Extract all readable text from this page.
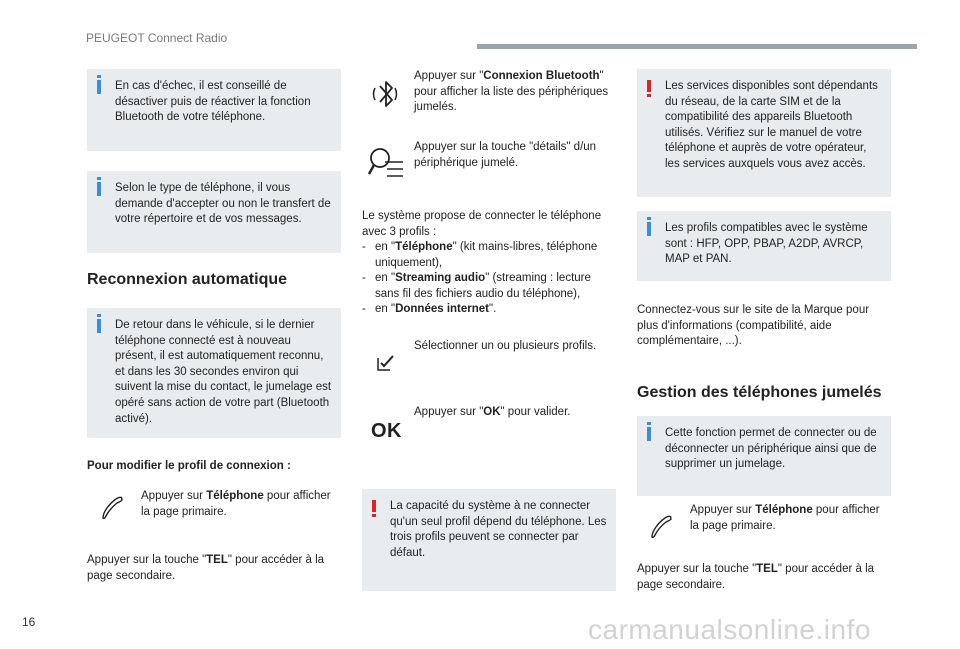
PEUGEOT Connect Radio
En cas d'échec, il est conseillé de désactiver puis de réactiver la fonction Bluetooth de votre téléphone.
Selon le type de téléphone, il vous demande d'accepter ou non le transfert de votre répertoire et de vos messages.
Reconnexion automatique
De retour dans le véhicule, si le dernier téléphone connecté est à nouveau présent, il est automatiquement reconnu, et dans les 30 secondes environ qui suivent la mise du contact, le jumelage est opéré sans action de votre part (Bluetooth activé).
Pour modifier le profil de connexion :
Appuyer sur Téléphone pour afficher la page primaire.
Appuyer sur la touche "TEL" pour accéder à la page secondaire.
Appuyer sur "Connexion Bluetooth" pour afficher la liste des périphériques jumelés.
Appuyer sur la touche "détails" d/un périphérique jumelé.
Le système propose de connecter le téléphone avec 3 profils :
- en "Téléphone" (kit mains-libres, téléphone uniquement),
- en "Streaming audio" (streaming : lecture sans fil des fichiers audio du téléphone),
- en "Données internet".
Sélectionner un ou plusieurs profils.
OK
Appuyer sur "OK" pour valider.
La capacité du système à ne connecter qu'un seul profil dépend du téléphone. Les trois profils peuvent se connecter par défaut.
Les services disponibles sont dépendants du réseau, de la carte SIM et de la compatibilité des appareils Bluetooth utilisés. Vérifiez sur le manuel de votre téléphone et auprès de votre opérateur, les services auxquels vous avez accès.
Les profils compatibles avec le système sont : HFP, OPP, PBAP, A2DP, AVRCP, MAP et PAN.
Connectez-vous sur le site de la Marque pour plus d'informations (compatibilité, aide complémentaire, ...).
Gestion des téléphones jumelés
Cette fonction permet de connecter ou de déconnecter un périphérique ainsi que de supprimer un jumelage.
Appuyer sur Téléphone pour afficher la page primaire.
Appuyer sur la touche "TEL" pour accéder à la page secondaire.
16	carmanualsonline.info
